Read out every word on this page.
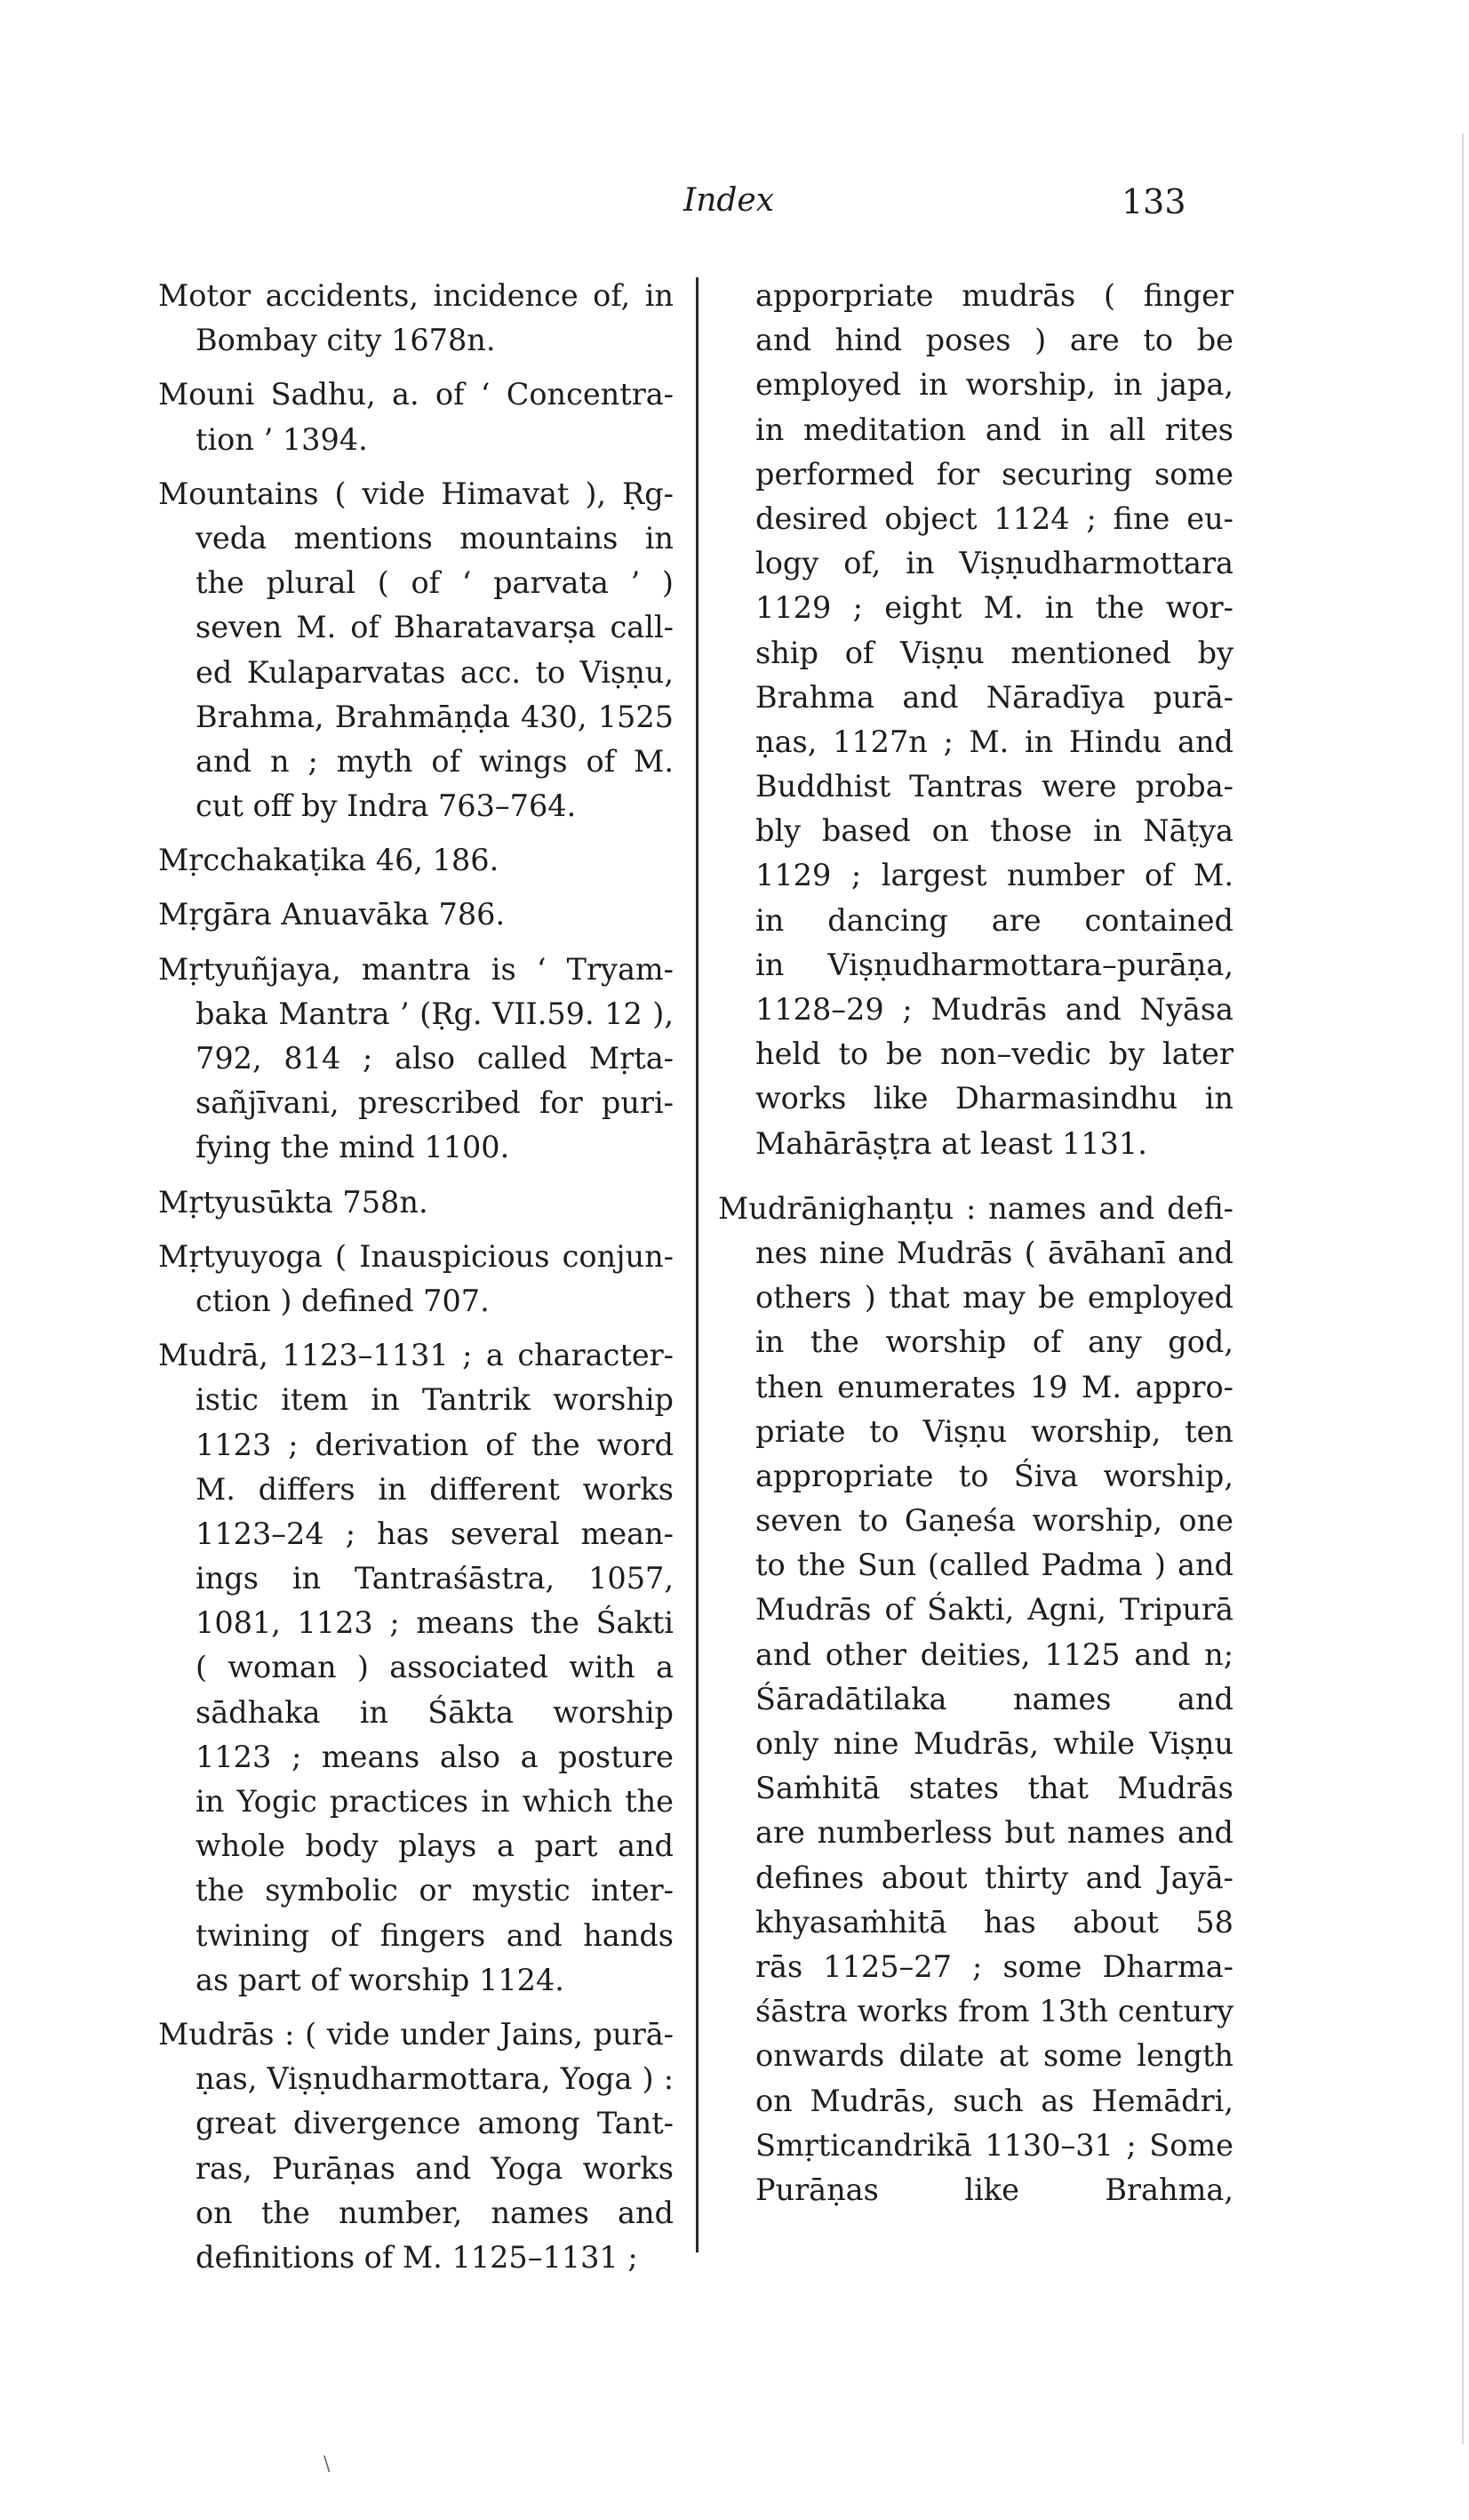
Index	133
Motor accidents, incidence of, in
Bombay city 1678n.
Mouni Sadhu, a. of ‘ Concentra-
tion ’ 1394.
Mountains ( vide Himavat ), Ṛg-
veda mentions mountains in
the plural ( of ‘ parvata ’ )
seven M. of Bharatavarṣa call-
ed Kulaparvatas acc. to Viṣṇu,
Brahma, Brahmāṇḍa 430, 1525
and n ; myth of wings of M.
cut off by Indra 763–764.
Mṛcchakaṭika 46, 186.
Mṛgāra Anuavāka 786.
Mṛtyuñjaya, mantra is ‘ Tryam-
baka Mantra ’ (Ṛg. VII.59. 12 ),
792, 814 ; also called Mṛta-
sañjīvani, prescribed for puri-
fying the mind 1100.
Mṛtyusūkta 758n.
Mṛtyuyoga ( Inauspicious conjun-
ction ) defined 707.
Mudrā, 1123–1131 ; a character-
istic item in Tantrik worship
1123 ; derivation of the word
M. differs in different works
1123–24 ; has several mean-
ings in Tantraśāstra, 1057,
1081, 1123 ; means the Śakti
( woman ) associated with a
sādhaka in Śākta worship
1123 ; means also a posture
in Yogic practices in which the
whole body plays a part and
the symbolic or mystic inter-
twining of fingers and hands
as part of worship 1124.
Mudrās : ( vide under Jains, purā-
ṇas, Viṣṇudharmottara, Yoga ) :
great divergence among Tant-
ras, Purāṇas and Yoga works
on the number, names and
definitions of M. 1125–1131 ;
apporpriate mudrās ( finger
and hind poses ) are to be
employed in worship, in japa,
in meditation and in all rites
performed for securing some
desired object 1124 ; fine eu-
logy of, in Viṣṇudharmottara
1129 ; eight M. in the wor-
ship of Viṣṇu mentioned by
Brahma and Nāradīya purā-
ṇas, 1127n ; M. in Hindu and
Buddhist Tantras were proba-
bly based on those in Nāṭya
1129 ; largest number of M.
in dancing are contained
in Viṣṇudharmottara–purāṇa,
1128–29 ; Mudrās and Nyāsa
held to be non–vedic by later
works like Dharmasindhu in
Mahārāṣṭra at least 1131.
Mudrānighaṇṭu : names and defi-
nes nine Mudrās ( āvāhanī and
others ) that may be employed
in the worship of any god,
then enumerates 19 M. appro-
priate to Viṣṇu worship, ten
appropriate to Śiva worship,
seven to Gaṇeśa worship, one
to the Sun (called Padma ) and
Mudrās of Śakti, Agni, Tripurā
and other deities, 1125 and n;
Śāradātilaka names and
only nine Mudrās, while Viṣṇu
Saṁhitā states that Mudrās
are numberless but names and
defines about thirty and Jayā-
khyasaṁhitā has about 58
rās 1125–27 ; some Dharma-
śāstra works from 13th century
onwards dilate at some length
on Mudrās, such as Hemādri,
Smṛticandrikā 1130–31 ; Some
Purāṇas like Brahma,
\
